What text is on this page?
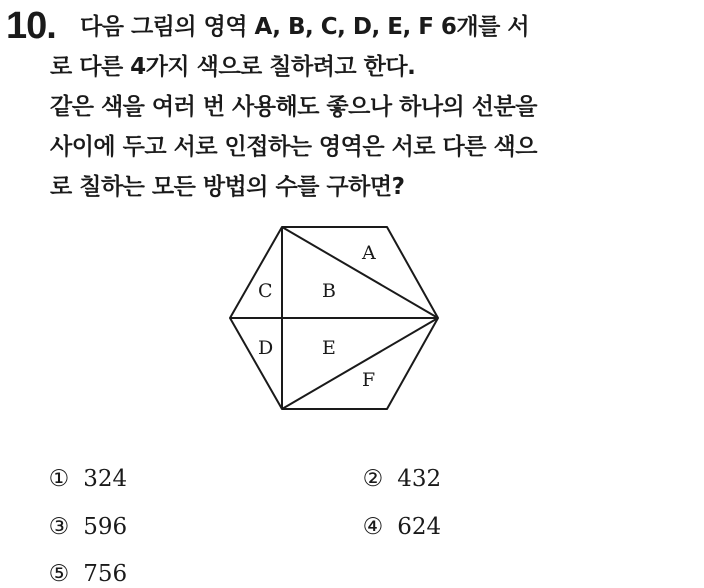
10. 다음 그림의 영역 A, B, C, D, E, F 6개를 서
로 다른 4가지 색으로 칠하려고 한다.
같은 색을 여러 번 사용해도 좋으나 하나의 선분을
사이에 두고 서로 인접하는 영역은 서로 다른 색으
로 칠하는 모든 방법의 수를 구하면?
A
B
C
D	E
F

① 324	② 432

③ 596	④ 624

⑤ 756
